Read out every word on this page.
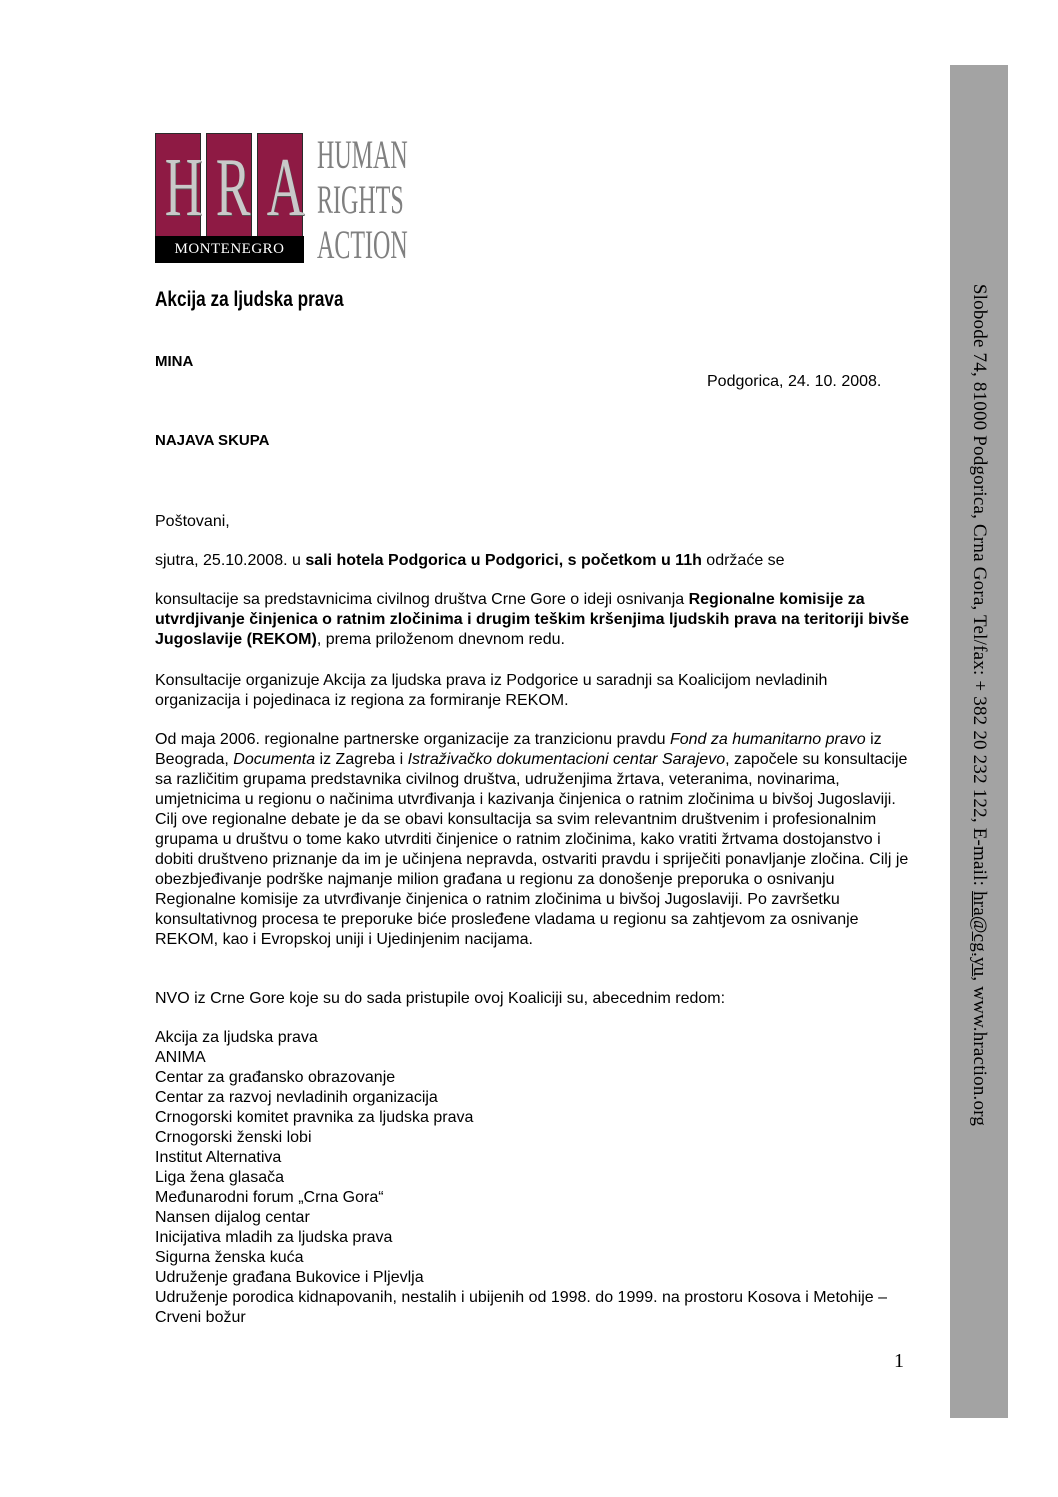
H R A
MONTENEGRO
HUMAN
RIGHTS
ACTION
Akcija za ljudska prava
MINA
Podgorica, 24. 10. 2008.
NAJAVA SKUPA
Poštovani,
sjutra, 25.10.2008. u sali hotela Podgorica u Podgorici, s početkom u 11h održaće se
konsultacije sa predstavnicima civilnog društva Crne Gore o ideji osnivanja Regionalne komisije za utvrdjivanje činjenica o ratnim zločinima i drugim teškim kršenjima ljudskih prava na teritoriji bivše Jugoslavije (REKOM), prema priloženom dnevnom redu.
Konsultacije organizuje Akcija za ljudska prava iz Podgorice u saradnji sa Koalicijom nevladinih organizacija i pojedinaca iz regiona za formiranje REKOM.
Od maja 2006. regionalne partnerske organizacije za tranzicionu pravdu Fond za humanitarno pravo iz Beograda, Documenta iz Zagreba i Istraživačko dokumentacioni centar Sarajevo, započele su konsultacije sa različitim grupama predstavnika civilnog društva, udruženjima žrtava, veteranima, novinarima, umjetnicima u regionu o načinima utvrđivanja i kazivanja činjenica o ratnim zločinima u bivšoj Jugoslaviji. Cilj ove regionalne debate je da se obavi konsultacija sa svim relevantnim društvenim i profesionalnim grupama u društvu o tome kako utvrditi činjenice o ratnim zločinima, kako vratiti žrtvama dostojanstvo i dobiti društveno priznanje da im je učinjena nepravda, ostvariti pravdu i spriječiti ponavljanje zločina. Cilj je obezbjeđivanje podrške najmanje milion građana u regionu za donošenje preporuka o osnivanju Regionalne komisije za utvrđivanje činjenica o ratnim zločinima u bivšoj Jugoslaviji. Po završetku konsultativnog procesa te preporuke biće prosleđene vladama u regionu sa zahtjevom za osnivanje REKOM, kao i Evropskoj uniji i Ujedinjenim nacijama.
NVO iz Crne Gore koje su do sada pristupile ovoj Koaliciji su, abecednim redom:
Akcija za ljudska prava
ANIMA
Centar za građansko obrazovanje
Centar za razvoj nevladinih organizacija
Crnogorski komitet pravnika za ljudska prava
Crnogorski ženski lobi
Institut Alternativa
Liga žena glasača
Međunarodni forum „Crna Gora“
Nansen dijalog centar
Inicijativa mladih za ljudska prava
Sigurna ženska kuća
Udruženje građana Bukovice i Pljevlja
Udruženje porodica kidnapovanih, nestalih i ubijenih od 1998. do 1999. na prostoru Kosova i Metohije – Crveni božur
Slobode 74, 81000 Podgorica, Crna Gora, Tel/fax: + 382 20 232 122, E-mail: hra@cg.yu, www.hraction.org
1
